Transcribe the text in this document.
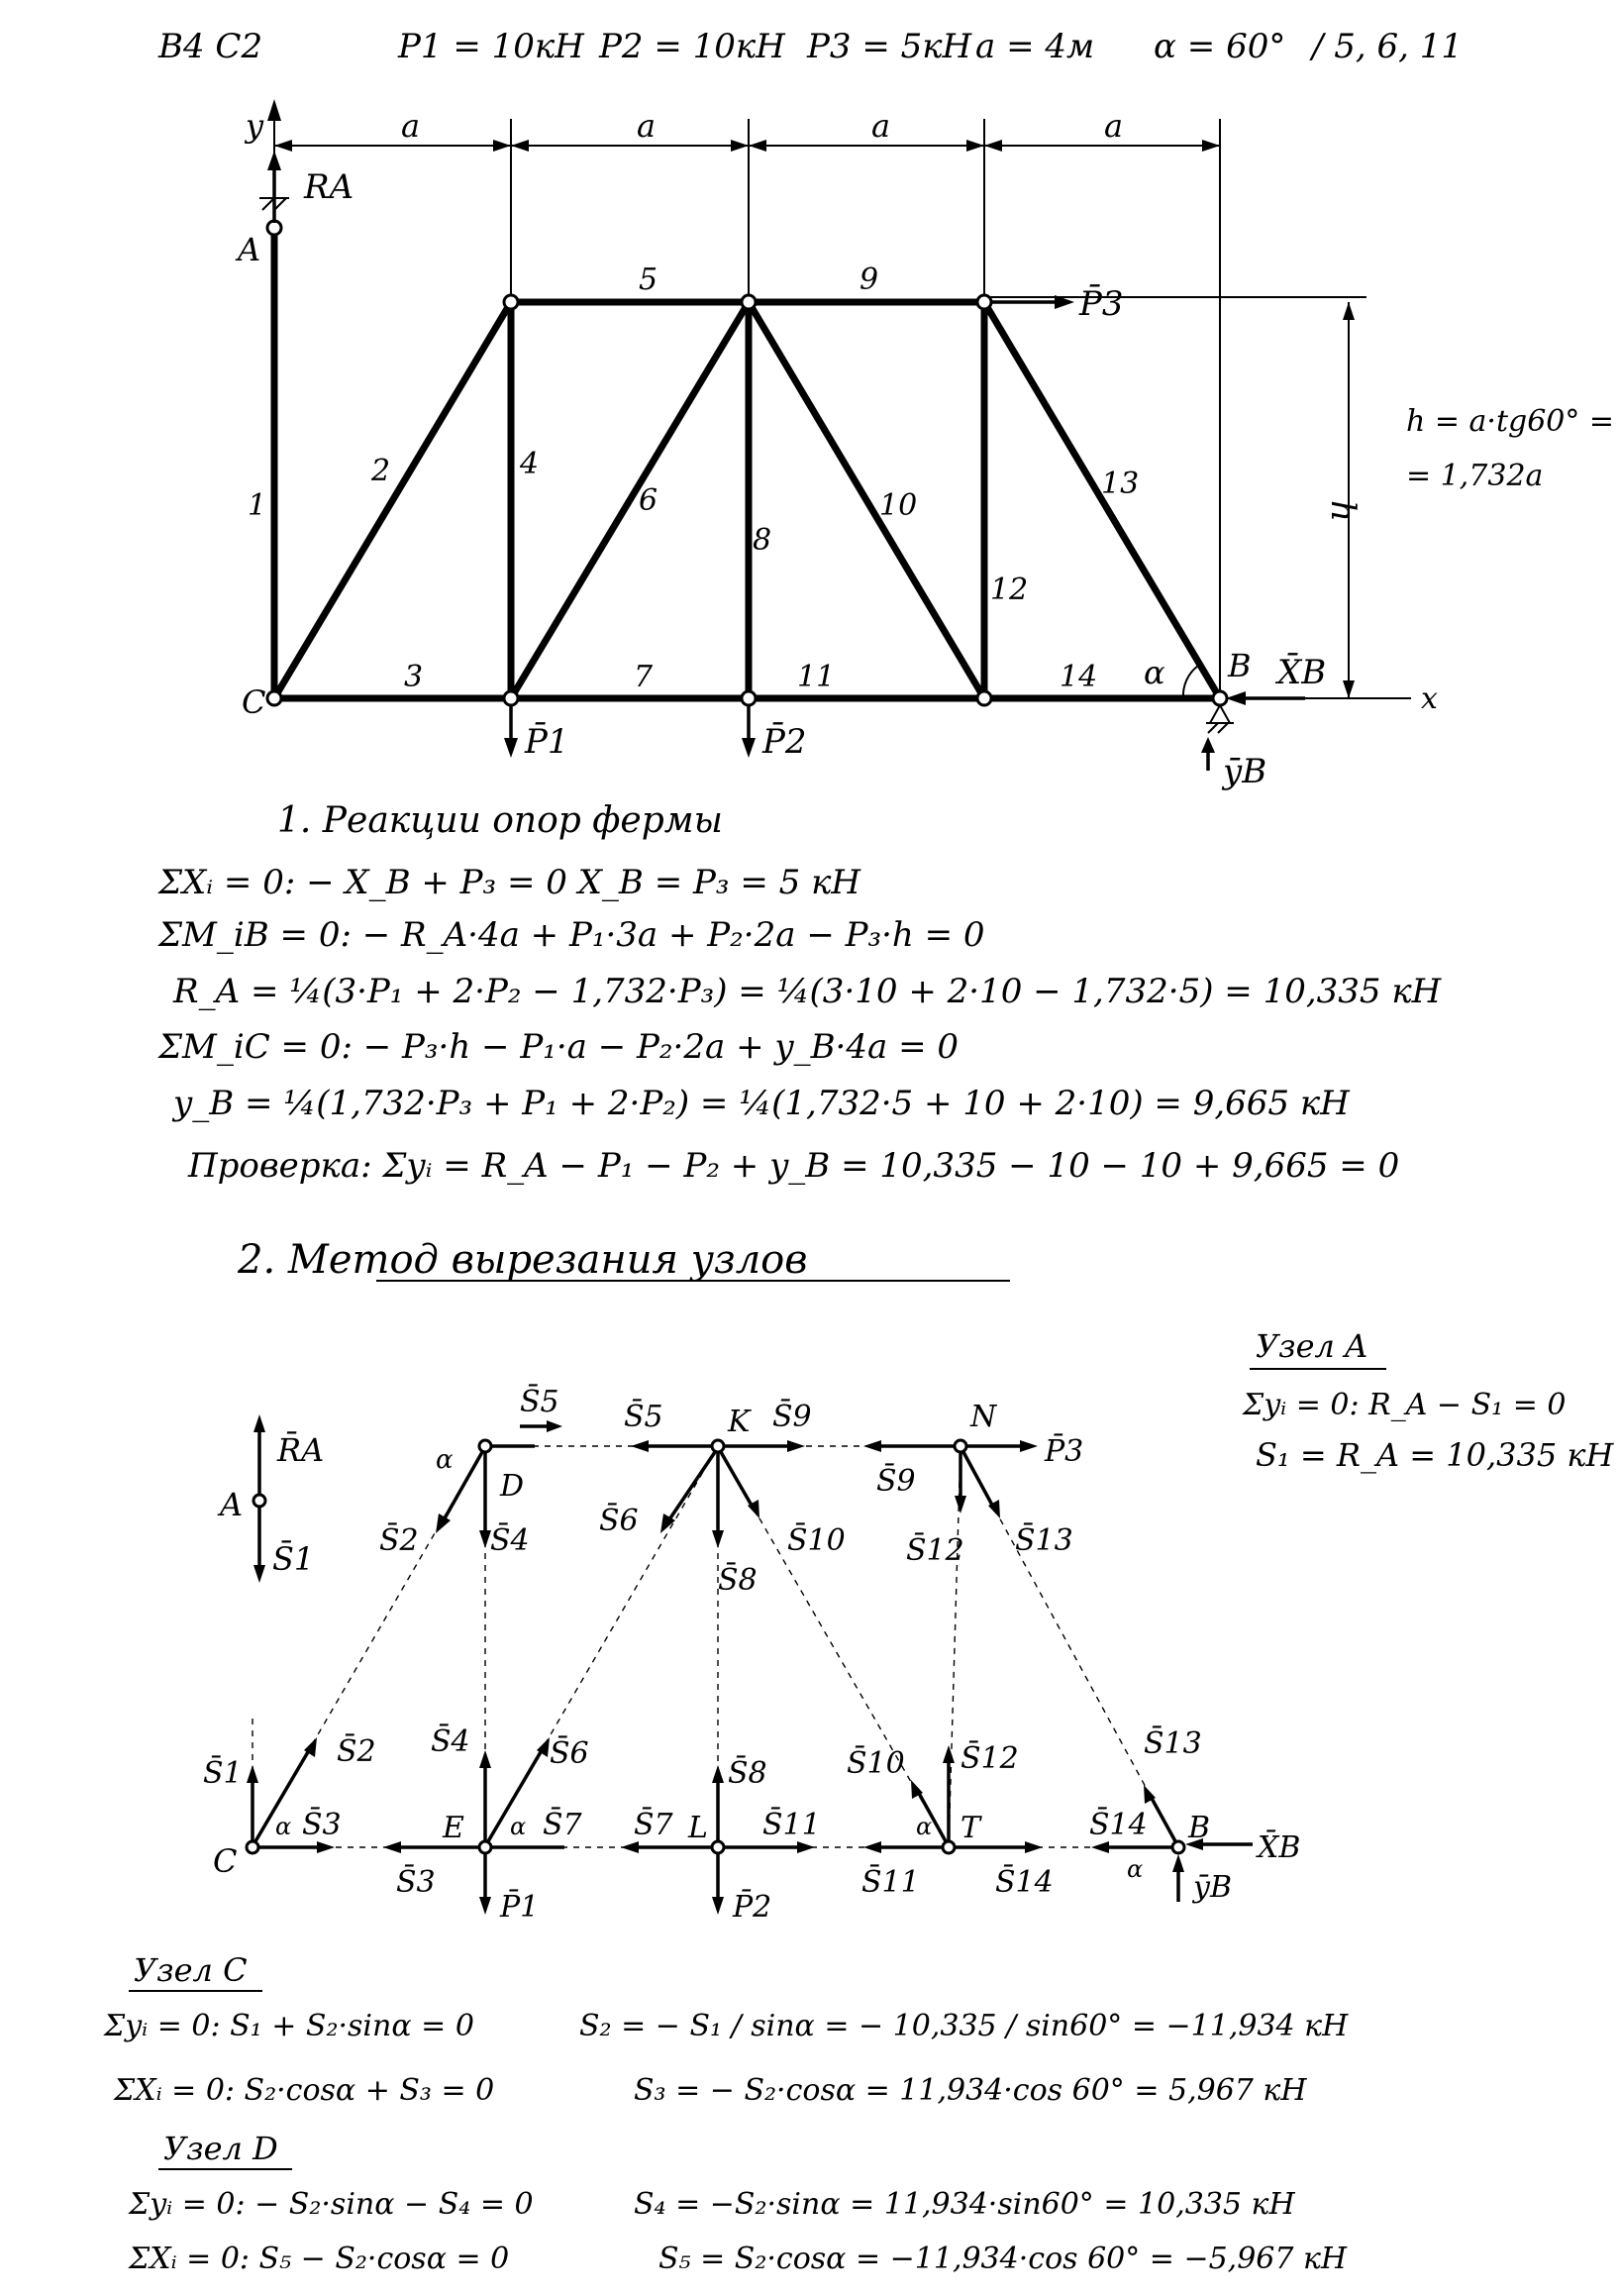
В4 С2	P1 = 10кН P2 = 10кН P3 = 5кН a = 4м α = 60° / 5, 6, 11
y
x
a	a	a	a
RA
A
ȳB
X̄B
B
C
α
P̄1	P̄2
P̄3
h
h = a·tg60° =
= 1,732a
1
2
3
4
5
6
7
8
9
10
11
12
13
14
1. Реакции опор фермы
ΣXᵢ = 0: − X_B + P₃ = 0 X_B = P₃ = 5 кН
ΣM_iB = 0: − R_A·4a + P₁·3a + P₂·2a − P₃·h = 0
R_A = ¼(3·P₁ + 2·P₂ − 1,732·P₃) = ¼(3·10 + 2·10 − 1,732·5) = 10,335 кН
ΣM_iC = 0: − P₃·h − P₁·a − P₂·2a + y_B·4a = 0
y_B = ¼(1,732·P₃ + P₁ + 2·P₂) = ¼(1,732·5 + 10 + 2·10) = 9,665 кН
Проверка: Σyᵢ = R_A − P₁ − P₂ + y_B = 10,335 − 10 − 10 + 9,665 = 0
2. Метод вырезания узлов
Узел A
Σyᵢ = 0: R_A − S₁ = 0
S₁ = R_A = 10,335 кН
A
R̄A
S̄1
D
α
S̄2 S̄4
S̄5
K
S̄5	S̄9
S̄6
S̄8
S̄10
N
P̄3
S̄9
S̄12 S̄13
C
S̄1
S̄2
S̄3
α	E
S̄3
S̄4	S̄6
S̄7
P̄1
α	L
S̄7
S̄8
S̄11
P̄2
T
S̄11	S̄14
S̄12
S̄10
α	B
S̄14
S̄13
X̄B
ȳB
α
Узел C
Σyᵢ = 0: S₁ + S₂·sinα = 0
ΣXᵢ = 0: S₂·cosα + S₃ = 0
S₂ = − S₁ / sinα = − 10,335 / sin60° = −11,934 кН
S₃ = − S₂·cosα = 11,934·cos 60° = 5,967 кН
Узел D
Σyᵢ = 0: − S₂·sinα − S₄ = 0
ΣXᵢ = 0: S₅ − S₂·cosα = 0
S₄ = −S₂·sinα = 11,934·sin60° = 10,335 кН
S₅ = S₂·cosα = −11,934·cos 60° = −5,967 кН
